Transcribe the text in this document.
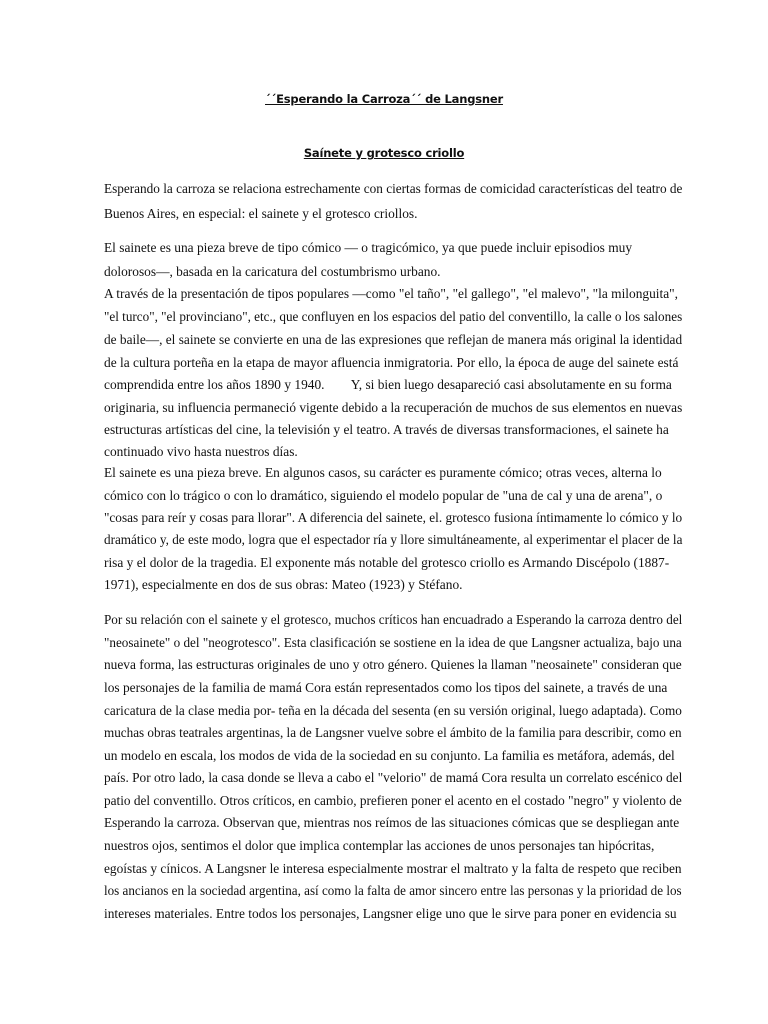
´´Esperando la Carroza´´ de Langsner
Saínete y grotesco criollo
Esperando la carroza se relaciona estrechamente con ciertas formas de comicidad características del teatro de
Buenos Aires, en especial: el sainete y el grotesco criollos.
El sainete es una pieza breve de tipo cómico ― o tragicómico, ya que puede incluir episodios muy
dolorosos―, basada en la caricatura del costumbrismo urbano.
A través de la presentación de tipos populares ―como "el taño", "el gallego", "el malevo", "la milonguita",
"el turco", "el provinciano", etc., que confluyen en los espacios del patio del conventillo, la calle o los salones
de baile―, el sainete se convierte en una de las expresiones que reflejan de manera más original la identidad
de la cultura porteña en la etapa de mayor afluencia inmigratoria. Por ello, la época de auge del sainete está
comprendida entre los años 1890 y 1940.        Y, si bien luego desapareció casi absolutamente en su forma
originaria, su influencia permaneció vigente debido a la recuperación de muchos de sus elementos en nuevas
estructuras artísticas del cine, la televisión y el teatro. A través de diversas transformaciones, el sainete ha
continuado vivo hasta nuestros días.
El sainete es una pieza breve. En algunos casos, su carácter es puramente cómico; otras veces, alterna lo
cómico con lo trágico o con lo dramático, siguiendo el modelo popular de "una de cal y una de arena", o
"cosas para reír y cosas para llorar". A diferencia del sainete, el. grotesco fusiona íntimamente lo cómico y lo
dramático y, de este modo, logra que el espectador ría y llore simultáneamente, al experimentar el placer de la
risa y el dolor de la tragedia. El exponente más notable del grotesco criollo es Armando Discépolo (1887-
1971), especialmente en dos de sus obras: Mateo (1923) y Stéfano.
Por su relación con el sainete y el grotesco, muchos críticos han encuadrado a Esperando la carroza dentro del
"neosainete" o del "neogrotesco". Esta clasificación se sostiene en la idea de que Langsner actualiza, bajo una
nueva forma, las estructuras originales de uno y otro género. Quienes la llaman "neosainete" consideran que
los personajes de la familia de mamá Cora están representados como los tipos del sainete, a través de una
caricatura de la clase media por- teña en la década del sesenta (en su versión original, luego adaptada). Como
muchas obras teatrales argentinas, la de Langsner vuelve sobre el ámbito de la familia para describir, como en
un modelo en escala, los modos de vida de la sociedad en su conjunto. La familia es metáfora, además, del
país. Por otro lado, la casa donde se lleva a cabo el "velorio" de mamá Cora resulta un correlato escénico del
patio del conventillo. Otros críticos, en cambio, prefieren poner el acento en el costado "negro" y violento de
Esperando la carroza. Observan que, mientras nos reímos de las situaciones cómicas que se despliegan ante
nuestros ojos, sentimos el dolor que implica contemplar las acciones de unos personajes tan hipócritas,
egoístas y cínicos. A Langsner le interesa especialmente mostrar el maltrato y la falta de respeto que reciben
los ancianos en la sociedad argentina, así como la falta de amor sincero entre las personas y la prioridad de los
intereses materiales. Entre todos los personajes, Langsner elige uno que le sirve para poner en evidencia su
